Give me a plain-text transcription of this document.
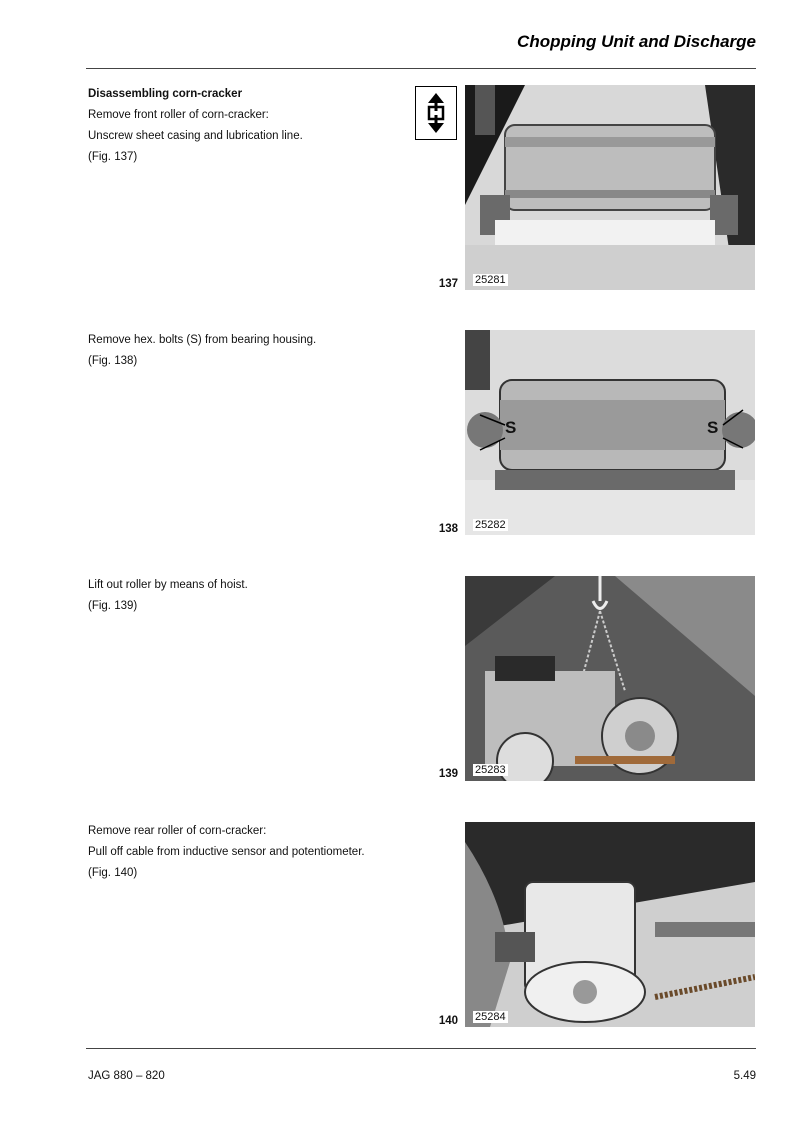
Chopping Unit and Discharge

Disassembling corn-cracker

Remove front roller of corn-cracker:

Unscrew sheet casing and lubrication line.

(Fig. 137)

137 25281

Remove hex. bolts (S) from bearing housing.

(Fig. 138)

S	S
138 25282

Lift out roller by means of hoist.

(Fig. 139)

139 25283

Remove rear roller of corn-cracker:

Pull off cable from inductive sensor and potentiometer.

(Fig. 140)

140 25284
JAG 880 – 820	5.49
